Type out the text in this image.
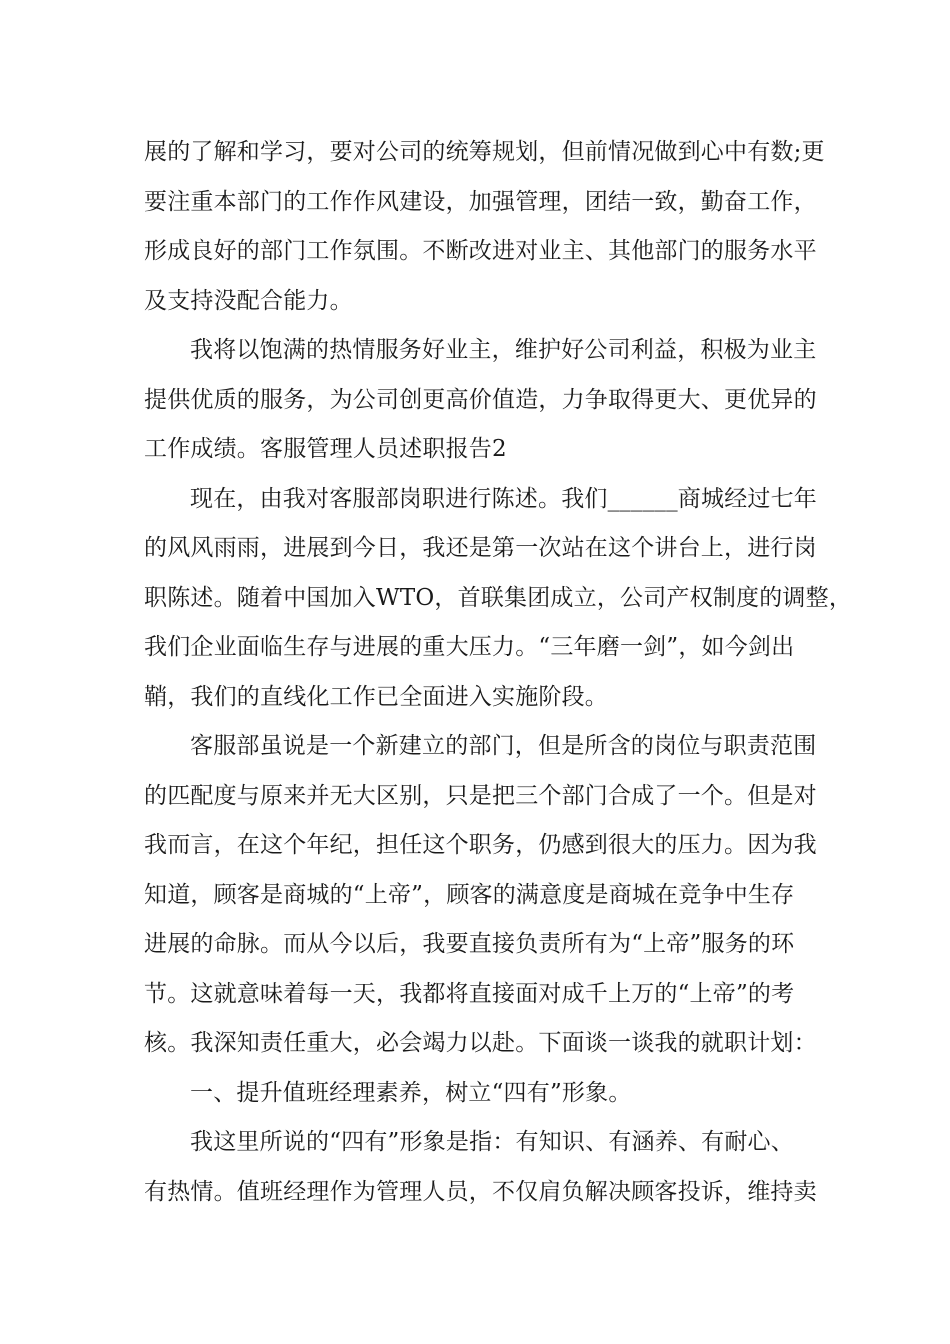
展的了解和学习，要对公司的统筹规划，但前情况做到心中有数;更
要注重本部门的工作作风建设，加强管理，团结一致，勤奋工作，
形成良好的部门工作氛围。不断改进对业主、其他部门的服务水平
及支持没配合能力。
我将以饱满的热情服务好业主，维护好公司利益，积极为业主
提供优质的服务，为公司创更高价值造，力争取得更大、更优异的
工作成绩。客服管理人员述职报告2
现在，由我对客服部岗职进行陈述。我们______商城经过七年
的风风雨雨，进展到今日，我还是第一次站在这个讲台上，进行岗
职陈述。随着中国加入WTO，首联集团成立，公司产权制度的调整，
我们企业面临生存与进展的重大压力。“三年磨一剑”，如今剑出
鞘，我们的直线化工作已全面进入实施阶段。
客服部虽说是一个新建立的部门，但是所含的岗位与职责范围
的匹配度与原来并无大区别，只是把三个部门合成了一个。但是对
我而言，在这个年纪，担任这个职务，仍感到很大的压力。因为我
知道，顾客是商城的“上帝”，顾客的满意度是商城在竞争中生存
进展的命脉。而从今以后，我要直接负责所有为“上帝”服务的环
节。这就意味着每一天，我都将直接面对成千上万的“上帝”的考
核。我深知责任重大，必会竭力以赴。下面谈一谈我的就职计划：
一、提升值班经理素养，树立“四有”形象。
我这里所说的“四有”形象是指：有知识、有涵养、有耐心、
有热情。值班经理作为管理人员，不仅肩负解决顾客投诉，维持卖
